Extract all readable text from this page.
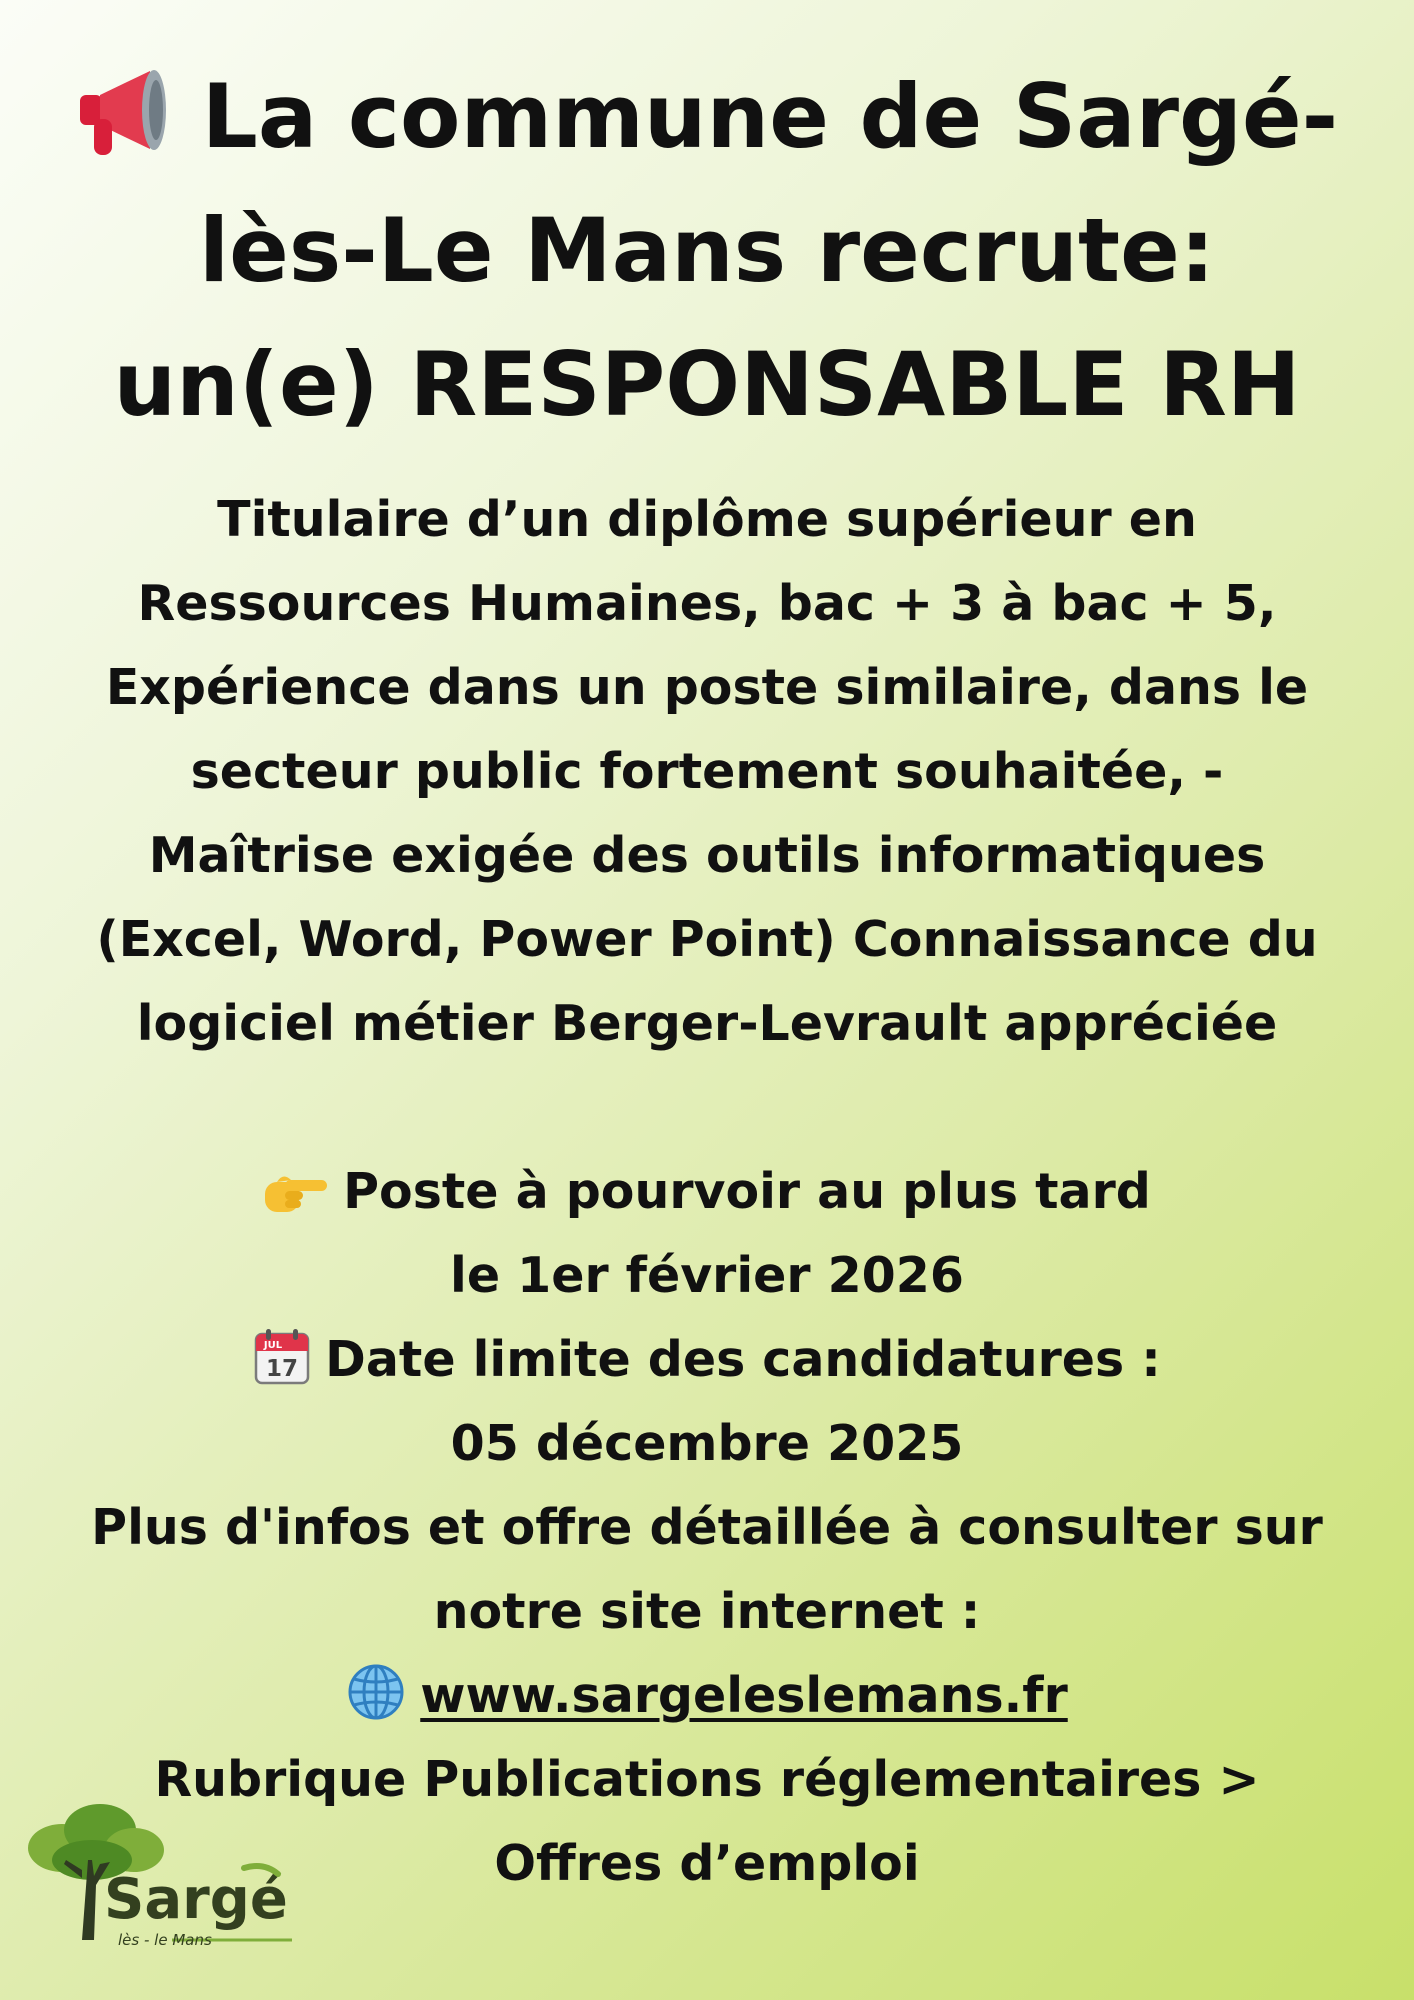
La commune de Sargé-
lès-Le Mans recrute:
un(e) RESPONSABLE RH
Titulaire d’un diplôme supérieur en
Ressources Humaines, bac + 3 à bac + 5,
Expérience dans un poste similaire, dans le
secteur public fortement souhaitée, -
Maîtrise exigée des outils informatiques
(Excel, Word, Power Point) Connaissance du
logiciel métier Berger-Levrault appréciée
Poste à pourvoir au plus tard
le 1er février 2026
JUL
17 Date limite des candidatures :
05 décembre 2025
Plus d'infos et offre détaillée à consulter sur
notre site internet :
www.sargeleslemans.fr
Rubrique Publications réglementaires >
Offres d’emploi
Sargé
lès - le Mans
